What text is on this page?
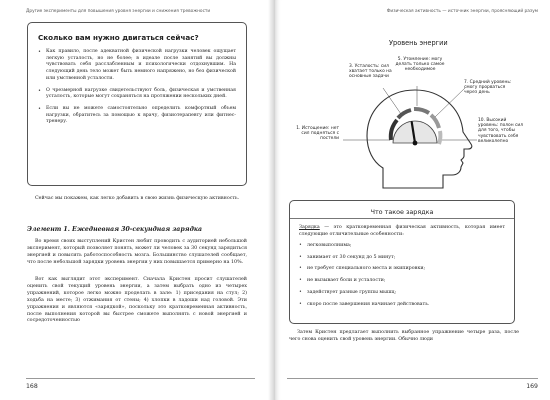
Другие эксперименты для повышения уровня энергии и снижения тревожности
Сколько вам нужно двигаться сейчас?
• Как правило, после адекватной физической нагрузки человек ощущает легкую усталость, но не более; в идеале после занятий вы должны чувствовать себя расслабленным и психологически отдохнувшим. На следующий день тело может быть немного напряжено, но без физической или умственной усталости.
• О чрезмерной нагрузке свидетельствуют боль, физическая и умственная усталость, которые могут сохраняться на протяжении нескольких дней.
• Если вы не можете самостоятельно определить комфортный объем нагрузки, обратитесь за помощью к врачу, физиотерапевту или фитнес-тренеру.

Сейчас мы покажем, как легко добавить в свою жизнь физическую активность.

Элемент 1. Ежедневная 30-секундная зарядка

Во время своих выступлений Кристен любит проводить с аудиторией небольшой эксперимент, который позволяет понять, может ли человек за 30 секунд зарядиться энергией и повысить работоспособность мозга. Большинство слушателей сообщает, что после небольшой зарядки уровень энергии у них повышается примерно на 10%.

Вот как выглядит этот эксперимент. Сначала Кристен просит слушателей оценить свой текущий уровень энергии, а затем выбрать одно из четырех упражнений, которое легко можно проделать в зале: 1) приседания на стул; 2) ходьба на месте; 3) отжимания от стены; 4) хлопки в ладоши над головой. Эти упражнения и являются «зарядкой», поскольку это кратковременная активность, после выполнения которой вы быстрее сможете выполнять с новой энергией и сосредоточенностью

168
Физическая активность — источник энергии, проясняющий разум
Уровень энергии
1. Истощение: нет сил подняться с постели
3. Усталость: сил хватает только на основные задачи
5. Утомление: могу делать только самое необходимое
7. Средний уровень: смогу прорваться через день
10. Высокий уровень: полон сил для того, чтобы чувствовать себя великолепно
Что такое зарядка

Зарядка — это кратковременная физическая активность, которая имеет следующие отличительные особенности:

• легковыполнима;
• занимает от 30 секунд до 5 минут;
• не требует специального места и экипировки;
• не вызывает боли и усталости;
• задействует разные группы мышц;
• скоро после завершения начинает действовать.

Затем Кристен предлагает выполнить выбранное упражнение четыре раза, после чего снова оценить свой уровень энергии. Обычно люди

169
